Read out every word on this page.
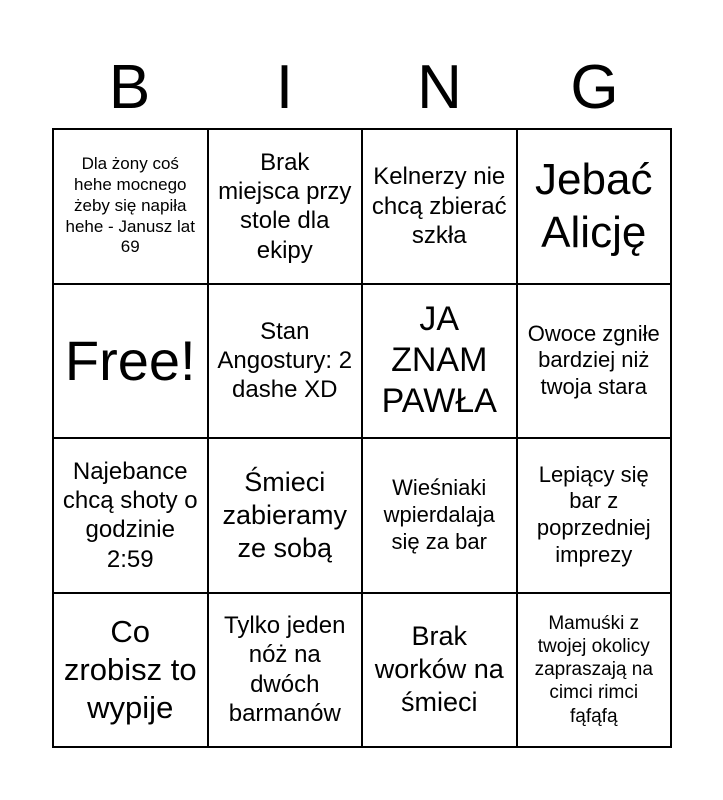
B	I	N	G
Dla żony coś hehe mocnego żeby się napiła hehe - Janusz lat 69
Brak miejsca przy stole dla ekipy
Kelnerzy nie chcą zbierać szkła
Jebać Alicję
Free!	Stan Angostury: 2 dashe XD
JA ZNAM PAWŁA
Owoce zgniłe bardziej niż twoja stara
Najebance chcą shoty o godzinie 2:59
Śmieci zabieramy ze sobą
Wieśniaki wpierdalaja się za bar
Lepiący się bar z poprzedniej imprezy
Co zrobisz to wypije
Tylko jeden nóż na dwóch barmanów
Brak worków na śmieci
Mamuśki z twojej okolicy zapraszają na cimci rimci fąfąfą
